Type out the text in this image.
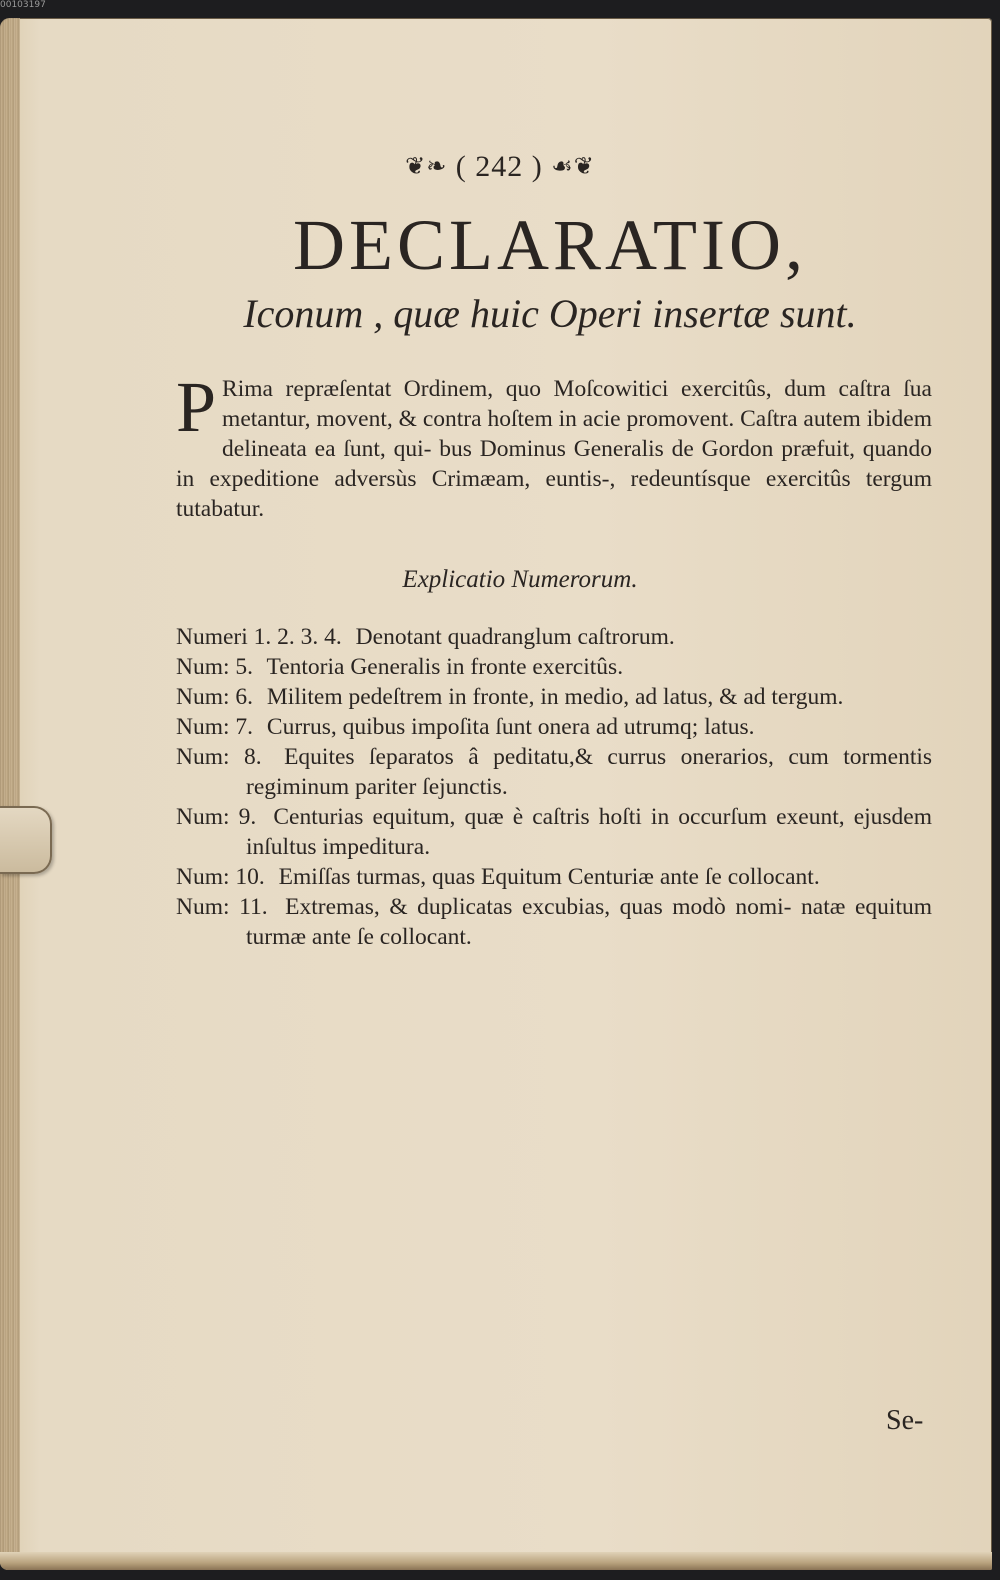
00103197
❦❧ ( 242 ) ☙❦
DECLARATIO,
Iconum , quæ huic Operi insertæ sunt.
P Rima repræſentat Ordinem, quo Moſcowitici exercitûs, dum caſtra ſua metantur, movent, & contra hoſtem in acie promovent. Caſtra autem ibidem delineata ea ſunt, qui- bus Dominus Generalis de Gordon præfuit, quando in expeditione adversùs Crimæam, euntis-, redeuntísque exercitûs tergum tutabatur.
Explicatio Numerorum.
Numeri 1. 2. 3. 4. Denotant quadranglum caſtrorum.
Num: 5. Tentoria Generalis in fronte exercitûs.
Num: 6. Militem pedeſtrem in fronte, in medio, ad latus, & ad tergum.
Num: 7. Currus, quibus impoſita ſunt onera ad utrumq; latus.
Num: 8. Equites ſeparatos â peditatu,& currus onerarios, cum tormentis regiminum pariter ſejunctis.
Num: 9. Centurias equitum, quæ è caſtris hoſti in occurſum exeunt, ejusdem inſultus impeditura.
Num: 10. Emiſſas turmas, quas Equitum Centuriæ ante ſe collocant.
Num: 11. Extremas, & duplicatas excubias, quas modò nomi- natæ equitum turmæ ante ſe collocant.
Se-
